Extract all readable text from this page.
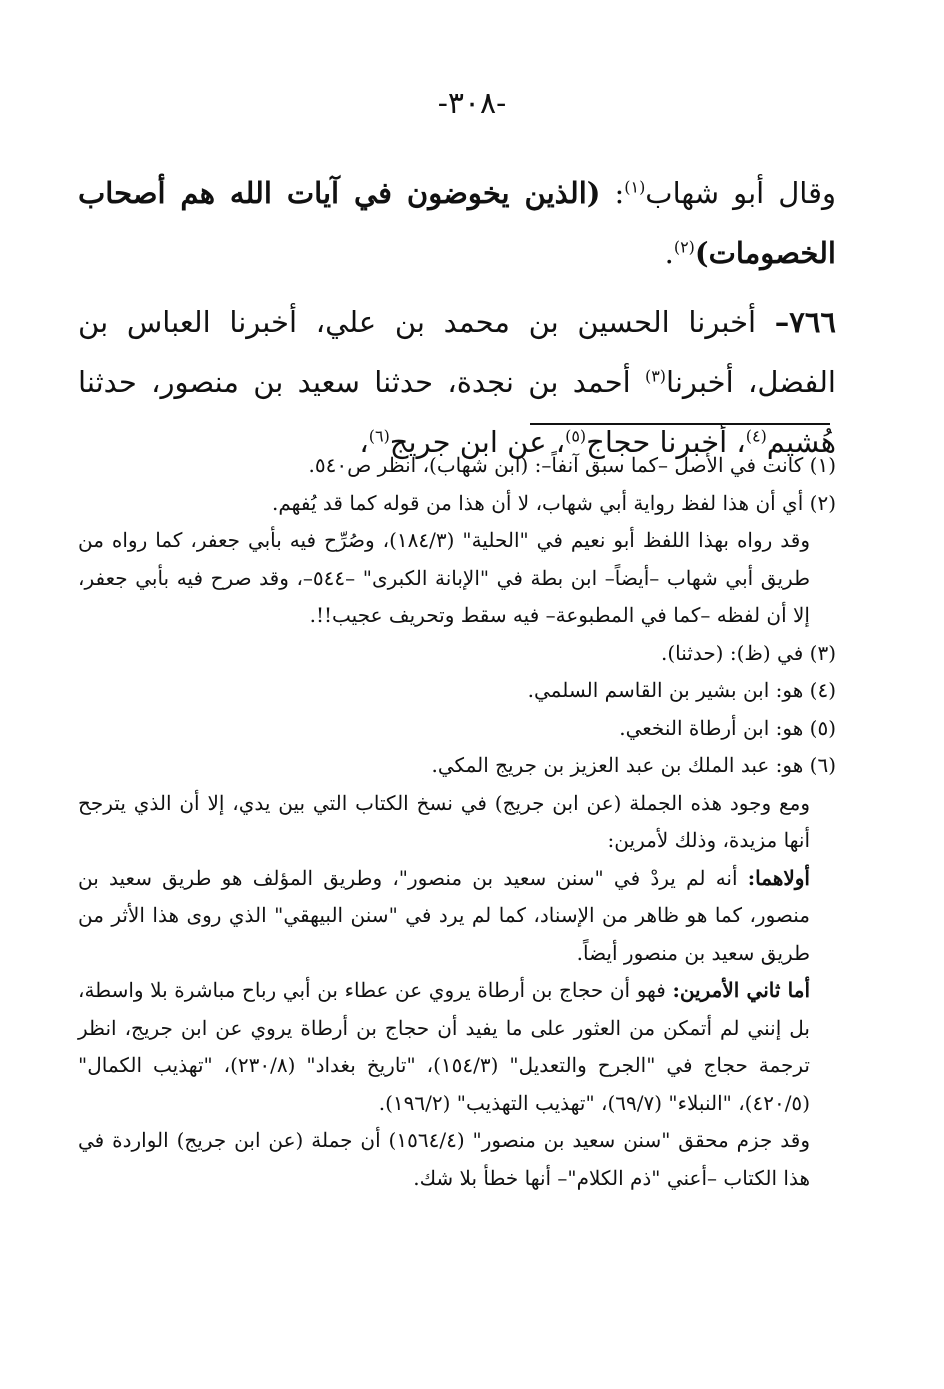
-٣٠٨-

وقال أبو شهاب$^{(١)}$: (الذين يخوضون في آيات الله هم أصحاب الخصومات)$^{(٢)}$.

٧٦٦– أخبرنا الحسين بن محمد بن علي، أخبرنا العباس بن الفضل، أخبرنا$^{(٣)}$ أحمد بن نجدة، حدثنا سعيد بن منصور، حدثنا هُشيم$^{(٤)}$، أخبرنا حجاج$^{(٥)}$، عن ابن جريج$^{(٦)}$،

(١) كانت في الأصل –كما سبق آنفاً–: (ابن شهاب)، انظر ص٥٤٠.

(٢) أي أن هذا لفظ رواية أبي شهاب، لا أن هذا من قوله كما قد يُفهم.

وقد رواه بهذا اللفظ أبو نعيم في "الحلية" (١٨٤/٣)، وصُرِّح فيه بأبي جعفر، كما رواه من طريق أبي شهاب –أيضاً– ابن بطة في "الإبانة الكبرى" –٥٤٤–، وقد صرح فيه بأبي جعفر، إلا أن لفظه –كما في المطبوعة– فيه سقط وتحريف عجيب!!.

(٣) في (ظ): (حدثنا).

(٤) هو: ابن بشير بن القاسم السلمي.

(٥) هو: ابن أرطاة النخعي.

(٦) هو: عبد الملك بن عبد العزيز بن جريج المكي.

ومع وجود هذه الجملة (عن ابن جريج) في نسخ الكتاب التي بين يدي، إلا أن الذي يترجح أنها مزيدة، وذلك لأمرين:

أولاهما: أنه لم يردْ في "سنن سعيد بن منصور"، وطريق المؤلف هو طريق سعيد بن منصور، كما هو ظاهر من الإسناد، كما لم يرد في "سنن البيهقي" الذي روى هذا الأثر من طريق سعيد بن منصور أيضاً.

أما ثاني الأمرين: فهو أن حجاج بن أرطاة يروي عن عطاء بن أبي رباح مباشرة بلا واسطة، بل إنني لم أتمكن من العثور على ما يفيد أن حجاج بن أرطاة يروي عن ابن جريج، انظر ترجمة حجاج في "الجرح والتعديل" (١٥٤/٣)، "تاريخ بغداد" (٢٣٠/٨)، "تهذيب الكمال" (٤٢٠/٥)، "النبلاء" (٦٩/٧)، "تهذيب التهذيب" (١٩٦/٢).

وقد جزم محقق "سنن سعيد بن منصور" (١٥٦٤/٤) أن جملة (عن ابن جريج) الواردة في هذا الكتاب –أعني "ذم الكلام"– أنها خطأ بلا شك.
